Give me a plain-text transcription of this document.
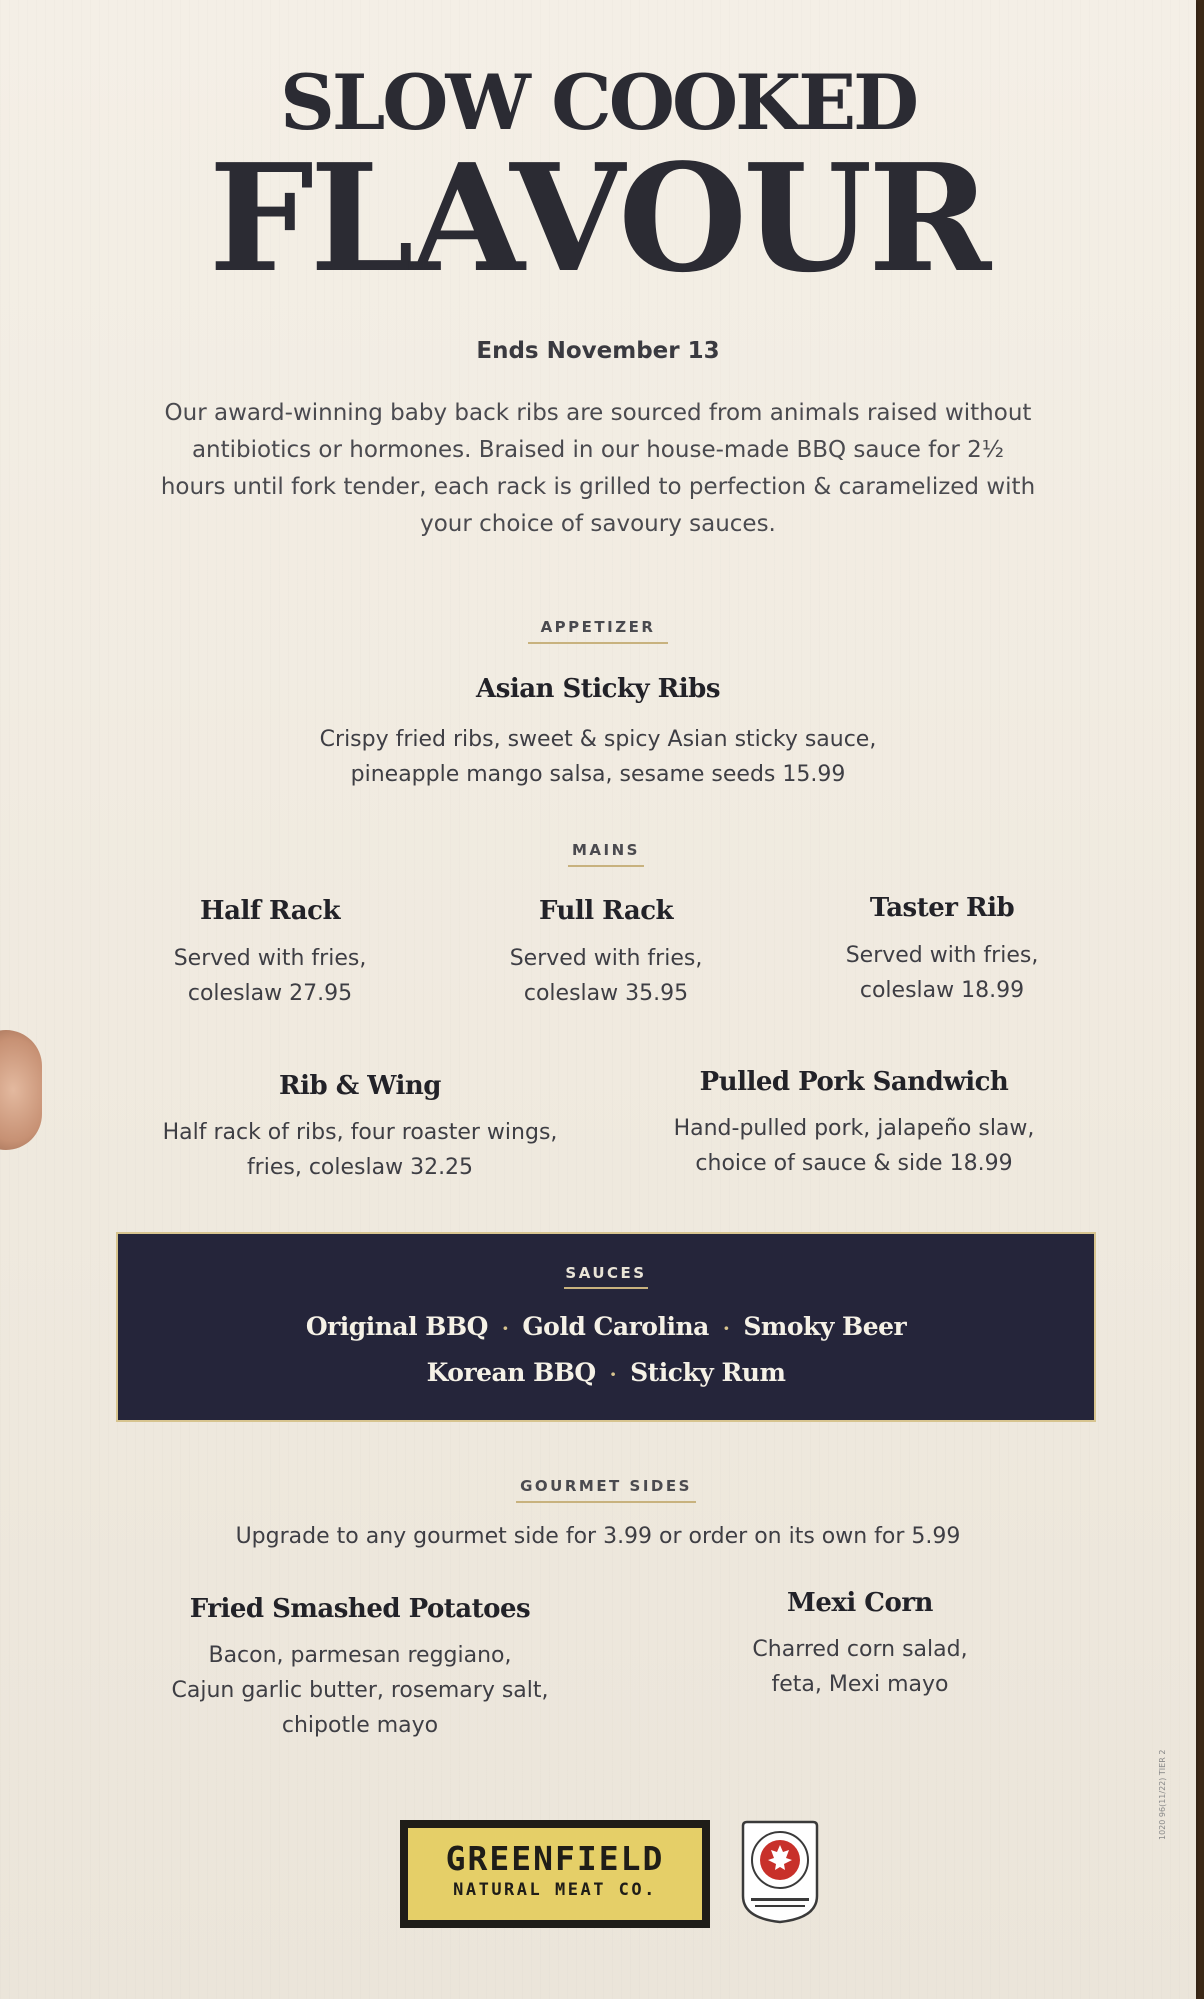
SLOW COOKED
FLAVOUR
Ends November 13
Our award-winning baby back ribs are sourced from animals raised without antibiotics or hormones. Braised in our house-made BBQ sauce for 2½ hours until fork tender, each rack is grilled to perfection & caramelized with your choice of savoury sauces.
APPETIZER
Asian Sticky Ribs
Crispy fried ribs, sweet & spicy Asian sticky sauce,
pineapple mango salsa, sesame seeds 15.99
MAINS
Half Rack
Served with fries,
coleslaw 27.95
Full Rack
Served with fries,
coleslaw 35.95
Taster Rib
Served with fries,
coleslaw 18.99
Rib & Wing
Half rack of ribs, four roaster wings,
fries, coleslaw 32.25
Pulled Pork Sandwich
Hand-pulled pork, jalapeño slaw,
choice of sauce & side 18.99
SAUCES
Original BBQ · Gold Carolina · Smoky Beer
Korean BBQ · Sticky Rum
GOURMET SIDES
Upgrade to any gourmet side for 3.99 or order on its own for 5.99
Fried Smashed Potatoes
Bacon, parmesan reggiano,
Cajun garlic butter, rosemary salt,
chipotle mayo
Mexi Corn
Charred corn salad,
feta, Mexi mayo
GREENFIELD
NATURAL MEAT CO.
1020 96(11/22) TIER 2
